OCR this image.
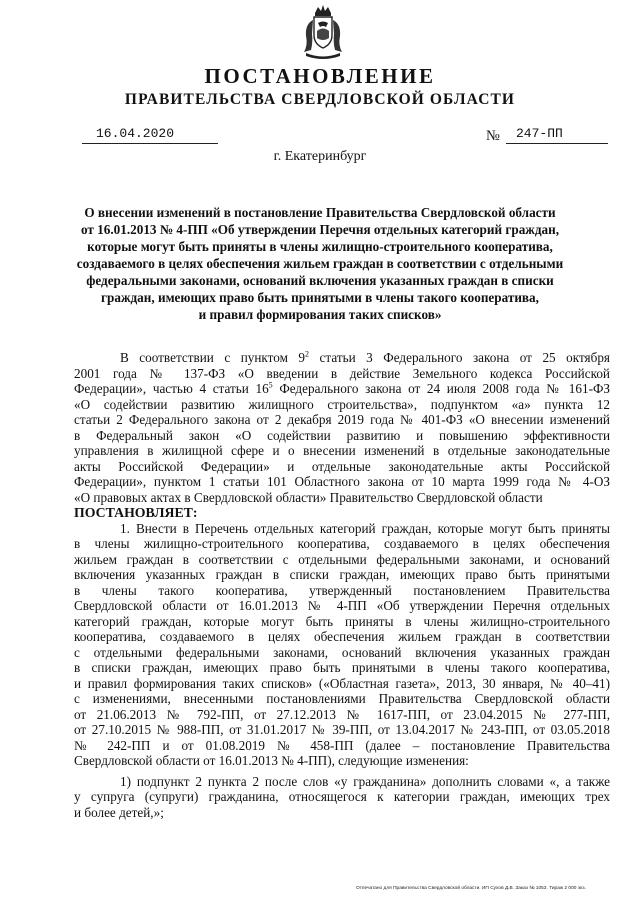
ПОСТАНОВЛЕНИЕ
ПРАВИТЕЛЬСТВА СВЕРДЛОВСКОЙ ОБЛАСТИ
16.04.2020	№ 247-ПП
г. Екатеринбург
О внесении изменений в постановление Правительства Свердловской области
от 16.01.2013 № 4-ПП «Об утверждении Перечня отдельных категорий граждан,
которые могут быть приняты в члены жилищно-строительного кооператива,
создаваемого в целях обеспечения жильем граждан в соответствии с отдельными
федеральными законами, оснований включения указанных граждан в списки
граждан, имеющих право быть принятыми в члены такого кооператива,
и правил формирования таких списков»
В соответствии с пунктом $9^2$ статьи 3 Федерального закона от 25 октября
2001 года № 137-ФЗ «О введении в действие Земельного кодекса Российской
Федерации», частью 4 статьи $16^5$ Федерального закона от 24 июля 2008 года № 161-ФЗ
«О содействии развитию жилищного строительства», подпунктом «а» пункта 12
статьи 2 Федерального закона от 2 декабря 2019 года № 401-ФЗ «О внесении изменений
в Федеральный закон «О содействии развитию и повышению эффективности
управления в жилищной сфере и о внесении изменений в отдельные законодательные
акты Российской Федерации» и отдельные законодательные акты Российской
Федерации», пунктом 1 статьи 101 Областного закона от 10 марта 1999 года № 4-ОЗ
«О правовых актах в Свердловской области» Правительство Свердловской области
ПОСТАНОВЛЯЕТ:
1. Внести в Перечень отдельных категорий граждан, которые могут быть приняты
в члены жилищно-строительного кооператива, создаваемого в целях обеспечения
жильем граждан в соответствии с отдельными федеральными законами, и оснований
включения указанных граждан в списки граждан, имеющих право быть принятыми
в члены такого кооператива, утвержденный постановлением Правительства
Свердловской области от 16.01.2013 № 4-ПП «Об утверждении Перечня отдельных
категорий граждан, которые могут быть приняты в члены жилищно-строительного
кооператива, создаваемого в целях обеспечения жильем граждан в соответствии
с отдельными федеральными законами, оснований включения указанных граждан
в списки граждан, имеющих право быть принятыми в члены такого кооператива,
и правил формирования таких списков» («Областная газета», 2013, 30 января, № 40–41)
с изменениями, внесенными постановлениями Правительства Свердловской области
от 21.06.2013 № 792-ПП, от 27.12.2013 № 1617-ПП, от 23.04.2015 № 277-ПП,
от 27.10.2015 № 988-ПП, от 31.01.2017 № 39-ПП, от 13.04.2017 № 243-ПП, от 03.05.2018
№ 242-ПП и от 01.08.2019 № 458-ПП (далее – постановление Правительства
Свердловской области от 16.01.2013 № 4-ПП), следующие изменения:
1) подпункт 2 пункта 2 после слов «у гражданина» дополнить словами «, а также
у супруга (супруги) гражданина, относящегося к категории граждан, имеющих трех
и более детей,»;
Отпечатано для Правительства Свердловской области. ИП Сухов Д.В. Заказ № 1053. Тираж 2 000 экз.
